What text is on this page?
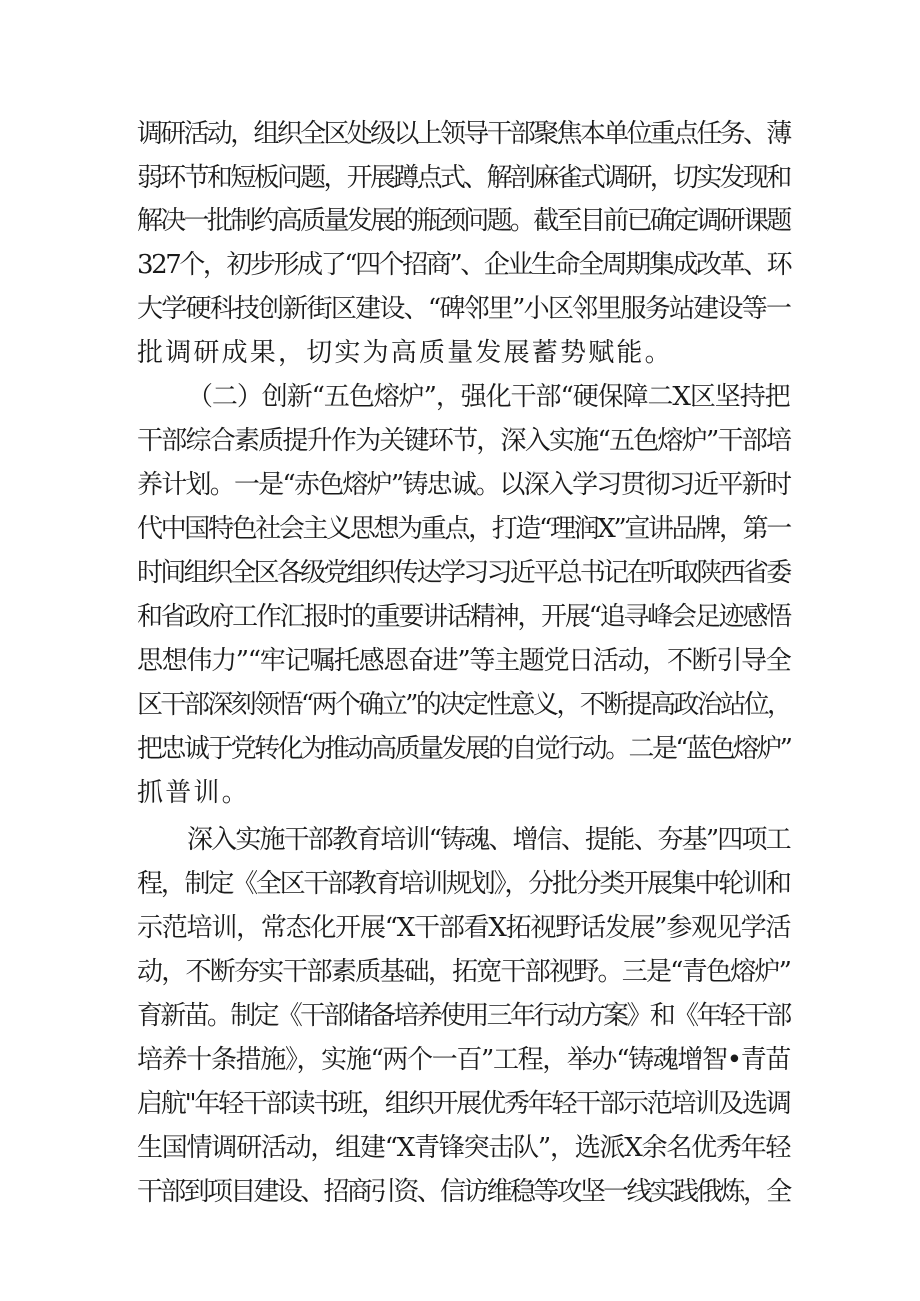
调研活动，组织全区处级以上领导干部聚焦本单位重点任务、薄
弱环节和短板问题，开展蹲点式、解剖麻雀式调研，切实发现和
解决一批制约高质量发展的瓶颈问题。截至目前已确定调研课题
327个，初步形成了“四个招商”、企业生命全周期集成改革、环
大学硬科技创新街区建设、“碑邻里”小区邻里服务站建设等一
批调研成果，切实为高质量发展蓄势赋能。
（二）创新“五色熔炉”，强化干部“硬保障二X区坚持把
干部综合素质提升作为关键环节，深入实施“五色熔炉”干部培
养计划。一是“赤色熔炉”铸忠诚。以深入学习贯彻习近平新时
代中国特色社会主义思想为重点，打造“理润X”宣讲品牌，第一
时间组织全区各级党组织传达学习习近平总书记在听取陕西省委
和省政府工作汇报时的重要讲话精神，开展“追寻峰会足迹感悟
思想伟力”“牢记嘱托感恩奋进”等主题党日活动，不断引导全
区干部深刻领悟“两个确立”的决定性意义，不断提高政治站位，
把忠诚于党转化为推动高质量发展的自觉行动。二是“蓝色熔炉”
抓普训。
深入实施干部教育培训“铸魂、增信、提能、夯基”四项工
程，制定《全区干部教育培训规划》，分批分类开展集中轮训和
示范培训，常态化开展“X干部看X拓视野话发展”参观见学活
动，不断夯实干部素质基础，拓宽干部视野。三是“青色熔炉”
育新苗。制定《干部储备培养使用三年行动方案》和《年轻干部
培养十条措施》，实施“两个一百”工程，举办“铸魂增智•青苗
启航"年轻干部读书班，组织开展优秀年轻干部示范培训及选调
生国情调研活动，组建“X青锋突击队”，选派X余名优秀年轻
干部到项目建设、招商引资、信访维稳等攻坚一线实践俄炼，全
